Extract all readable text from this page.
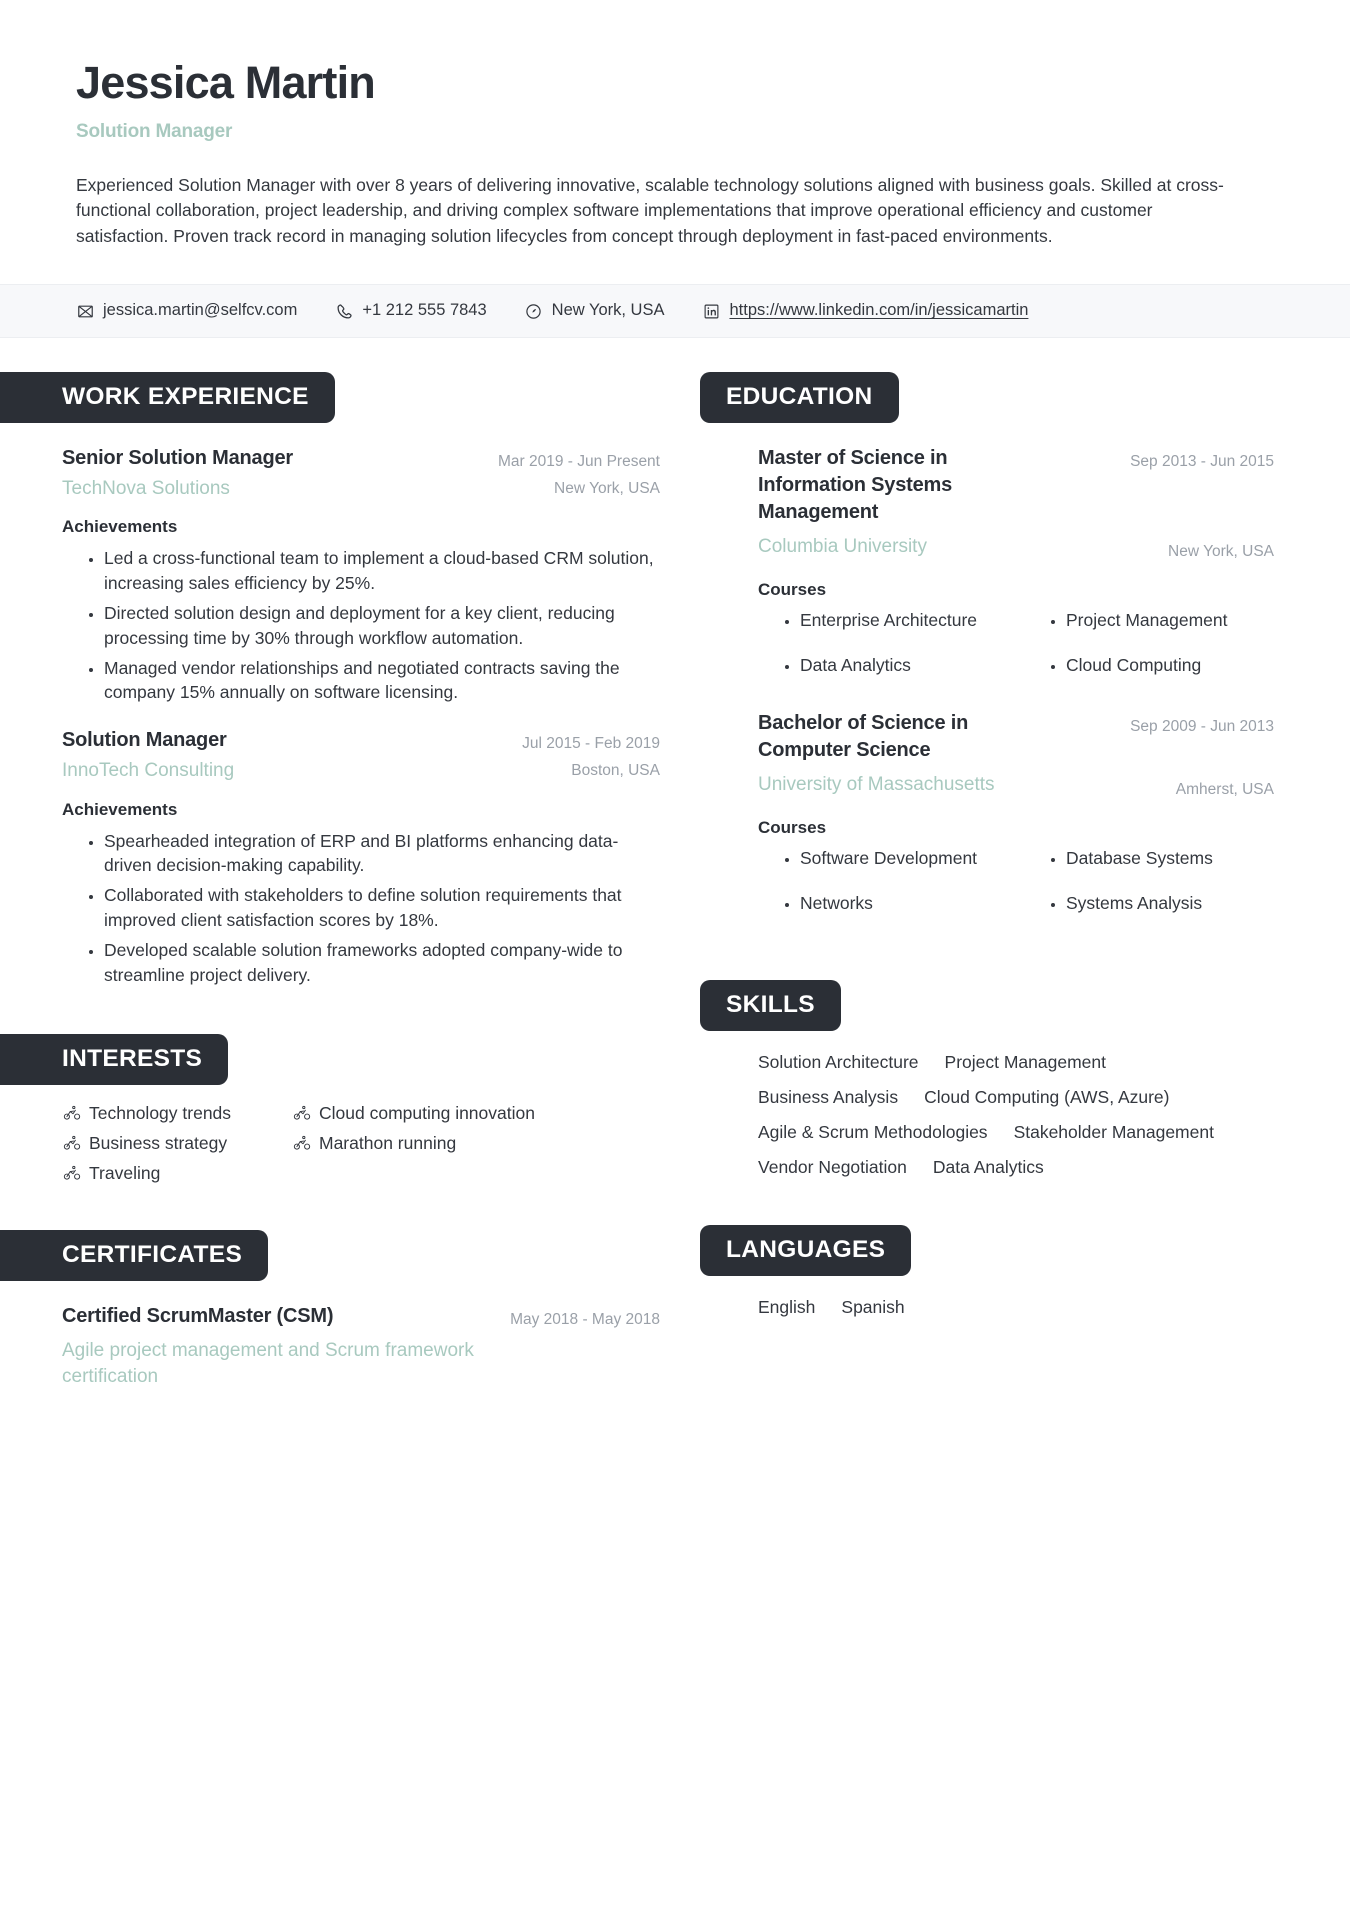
Jessica Martin
Solution Manager
Experienced Solution Manager with over 8 years of delivering innovative, scalable technology solutions aligned with business goals. Skilled at cross-functional collaboration, project leadership, and driving complex software implementations that improve operational efficiency and customer satisfaction. Proven track record in managing solution lifecycles from concept through deployment in fast-paced environments.
jessica.martin@selfcv.com	+1 212 555 7843	New York, USA	https://www.linkedin.com/in/jessicamartin
WORK EXPERIENCE
Senior Solution Manager
TechNova Solutions
Mar 2019 - Jun Present
New York, USA
Achievements
• Led a cross-functional team to implement a cloud-based CRM solution, increasing sales efficiency by 25%.
• Directed solution design and deployment for a key client, reducing processing time by 30% through workflow automation.
• Managed vendor relationships and negotiated contracts saving the company 15% annually on software licensing.
Solution Manager
InnoTech Consulting
Jul 2015 - Feb 2019
Boston, USA
Achievements
• Spearheaded integration of ERP and BI platforms enhancing data-driven decision-making capability.
• Collaborated with stakeholders to define solution requirements that improved client satisfaction scores by 18%.
• Developed scalable solution frameworks adopted company-wide to streamline project delivery.
INTERESTS
Technology trends	Cloud computing innovation
Business strategy	Marathon running
Traveling
CERTIFICATES
Certified ScrumMaster (CSM)	May 2018 - May 2018
Agile project management and Scrum framework certification
EDUCATION
Master of Science in Information Systems Management
Sep 2013 - Jun 2015
Columbia University	New York, USA
Courses
• Enterprise Architecture
• Data Analytics
• Project Management
• Cloud Computing
Bachelor of Science in Computer Science
Sep 2009 - Jun 2013
University of Massachusetts	Amherst, USA
Courses
• Software Development
• Networks
• Database Systems
• Systems Analysis
SKILLS
Solution Architecture Project Management
Business Analysis Cloud Computing (AWS, Azure)
Agile & Scrum Methodologies Stakeholder Management
Vendor Negotiation Data Analytics
LANGUAGES
English Spanish
